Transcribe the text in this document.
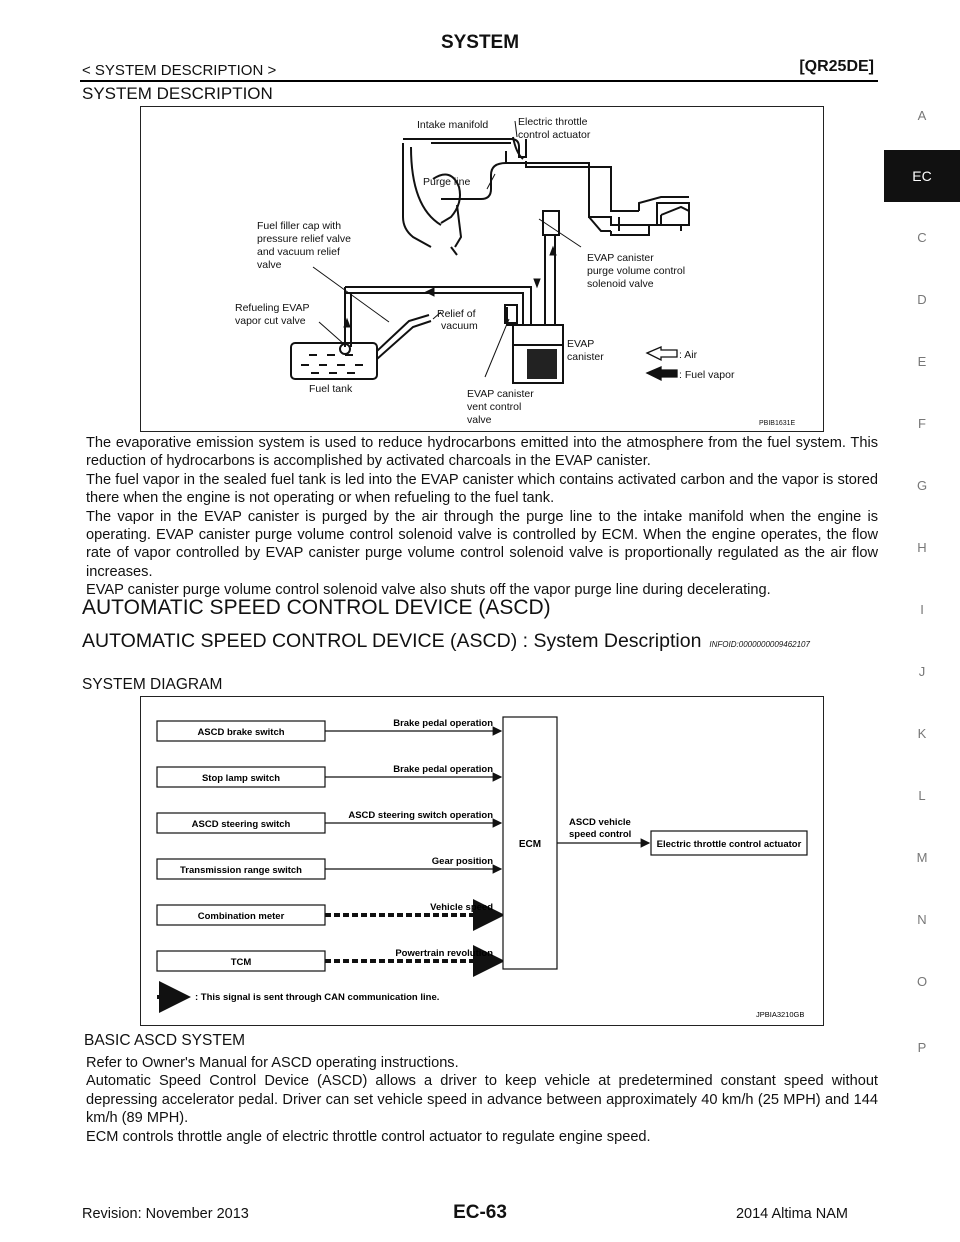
SYSTEM
< SYSTEM DESCRIPTION >	[QR25DE]
SYSTEM DESCRIPTION
Intake manifold	Electric throttle
control actuator
Purge line
Fuel filler cap with
pressure relief valve
and vacuum relief
valve
EVAP canister
purge volume control
solenoid valve
Refueling EVAP
vapor cut valve
Relief of
vacuum
EVAP
canister	: Air
: Fuel vapor
Fuel tank	EVAP canister
vent control
valve	PBIB1631E

The evaporative emission system is used to reduce hydrocarbons emitted into the atmosphere from the fuel system. This reduction of hydrocarbons is accomplished by activated charcoals in the EVAP canister.

The fuel vapor in the sealed fuel tank is led into the EVAP canister which contains activated carbon and the vapor is stored there when the engine is not operating or when refueling to the fuel tank.

The vapor in the EVAP canister is purged by the air through the purge line to the intake manifold when the engine is operating. EVAP canister purge volume control solenoid valve is controlled by ECM. When the engine operates, the flow rate of vapor controlled by EVAP canister purge volume control solenoid valve is proportionally regulated as the air flow increases.

EVAP canister purge volume control solenoid valve also shuts off the vapor purge line during decelerating.

AUTOMATIC SPEED CONTROL DEVICE (ASCD)
AUTOMATIC SPEED CONTROL DEVICE (ASCD) : System Description INFOID:0000000009462107
SYSTEM DIAGRAM
ASCD brake switch
Brake pedal operation
Stop lamp switch
Brake pedal operation
ASCD steering switch
ASCD steering switch operation
Transmission range switch
Gear position
Combination meter
Vehicle speed
TCM
Powertrain revolution
ECM
ASCD vehicle
speed control
Electric throttle control actuator
: This signal is sent through CAN communication line.
JPBIA3210GB
BASIC ASCD SYSTEM

Refer to Owner's Manual for ASCD operating instructions.

Automatic Speed Control Device (ASCD) allows a driver to keep vehicle at predetermined constant speed without depressing accelerator pedal. Driver can set vehicle speed in advance between approximately 40 km/h (25 MPH) and 144 km/h (89 MPH).

ECM controls throttle angle of electric throttle control actuator to regulate engine speed.

A
EC
C
D
E
F
G
H
I
J
K
L
M
N
O
P
Revision: November 2013	EC-63	2014 Altima NAM
